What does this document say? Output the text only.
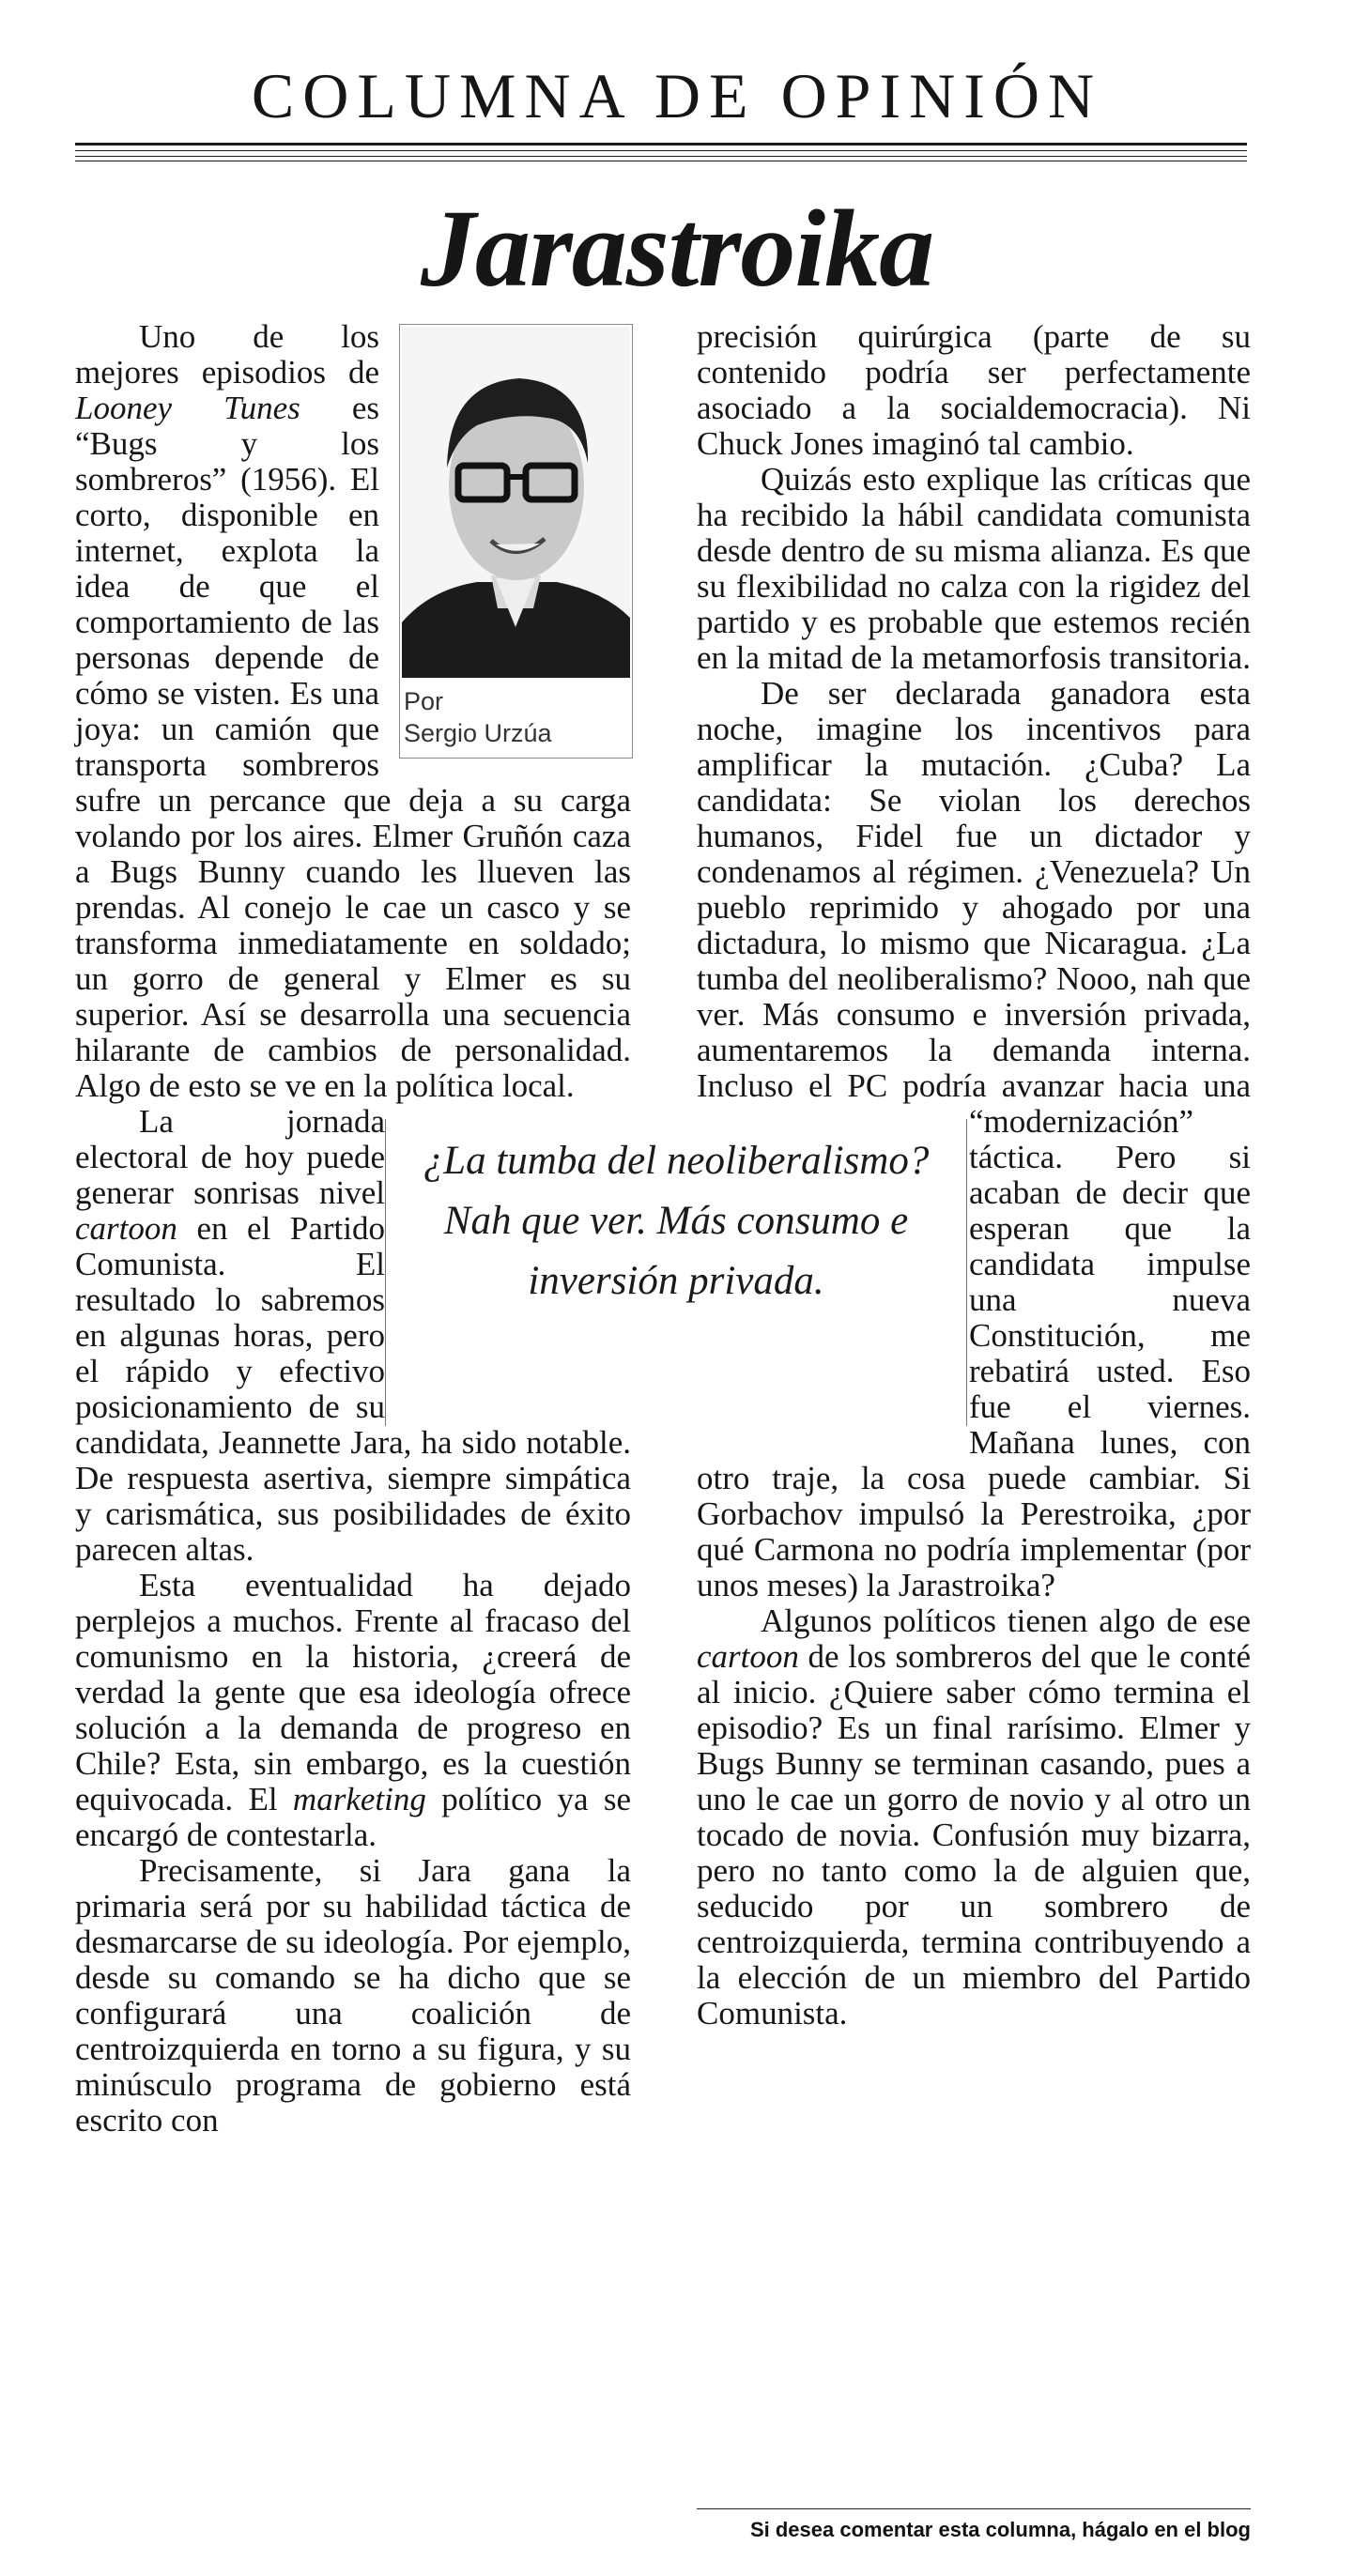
COLUMNA DE OPINIÓN
Jarastroika

Uno de los mejores episodios de Looney Tunes es “Bugs y los sombreros” (1956). El corto, disponible en internet, explota la idea de que el comportamiento de las personas depende de cómo se visten. Es una joya: un camión que transporta sombreros sufre un percance que deja a su carga volando por los aires. Elmer Gruñón caza a Bugs Bunny cuando les llueven las prendas. Al conejo le cae un casco y se transforma inmediatamente en soldado; un gorro de general y Elmer es su superior. Así se desarrolla una secuencia hilarante de cambios de personalidad. Algo de esto se ve en la política local.

La jornada electoral de hoy puede generar sonrisas nivel cartoon en el Partido Comunista. El resultado lo sabremos en algunas horas, pero el rápido y efectivo posicionamiento de su candidata, Jeannette Jara, ha sido notable. De respuesta asertiva, siempre simpática y carismática, sus posibilidades de éxito parecen altas.

Esta eventualidad ha dejado perplejos a muchos. Frente al fracaso del comunismo en la historia, ¿creerá de verdad la gente que esa ideología ofrece solución a la demanda de progreso en Chile? Esta, sin embargo, es la cuestión equivocada. El marketing político ya se encargó de contestarla.

Precisamente, si Jara gana la primaria será por su habilidad táctica de desmarcarse de su ideología. Por ejemplo, desde su comando se ha dicho que se configurará una coalición de centroizquierda en torno a su figura, y su minúsculo programa de gobierno está escrito con

precisión quirúrgica (parte de su contenido podría ser perfectamente asociado a la socialdemocracia). Ni Chuck Jones imaginó tal cambio.

Quizás esto explique las críticas que ha recibido la hábil candidata comunista desde dentro de su misma alianza. Es que su flexibilidad no calza con la rigidez del partido y es probable que estemos recién en la mitad de la metamorfosis transitoria.

De ser declarada ganadora esta noche, imagine los incentivos para amplificar la mutación. ¿Cuba? La candidata: Se violan los derechos humanos, Fidel fue un dictador y condenamos al régimen. ¿Venezuela? Un pueblo reprimido y ahogado por una dictadura, lo mismo que Nicaragua. ¿La tumba del neoliberalismo? Nooo, nah que ver. Más consumo e inversión privada, aumentaremos la demanda interna. Incluso el PC podría avanzar hacia una “modernización” táctica. Pero si acaban de decir que esperan que la candidata impulse una nueva Constitución, me rebatirá usted. Eso fue el viernes. Mañana lunes, con otro traje, la cosa puede cambiar. Si Gorbachov impulsó la Perestroika, ¿por qué Carmona no podría implementar (por unos meses) la Jarastroika?

Algunos políticos tienen algo de ese cartoon de los sombreros del que le conté al inicio. ¿Quiere saber cómo termina el episodio? Es un final rarísimo. Elmer y Bugs Bunny se terminan casando, pues a uno le cae un gorro de novio y al otro un tocado de novia. Confusión muy bizarra, pero no tanto como la de alguien que, seducido por un sombrero de centroizquierda, termina contribuyendo a la elección de un miembro del Partido Comunista.

Por
Sergio Urzúa
¿La tumba del neoliberalismo? Nah que ver. Más consumo e inversión privada.
Si desea comentar esta columna, hágalo en el blog
